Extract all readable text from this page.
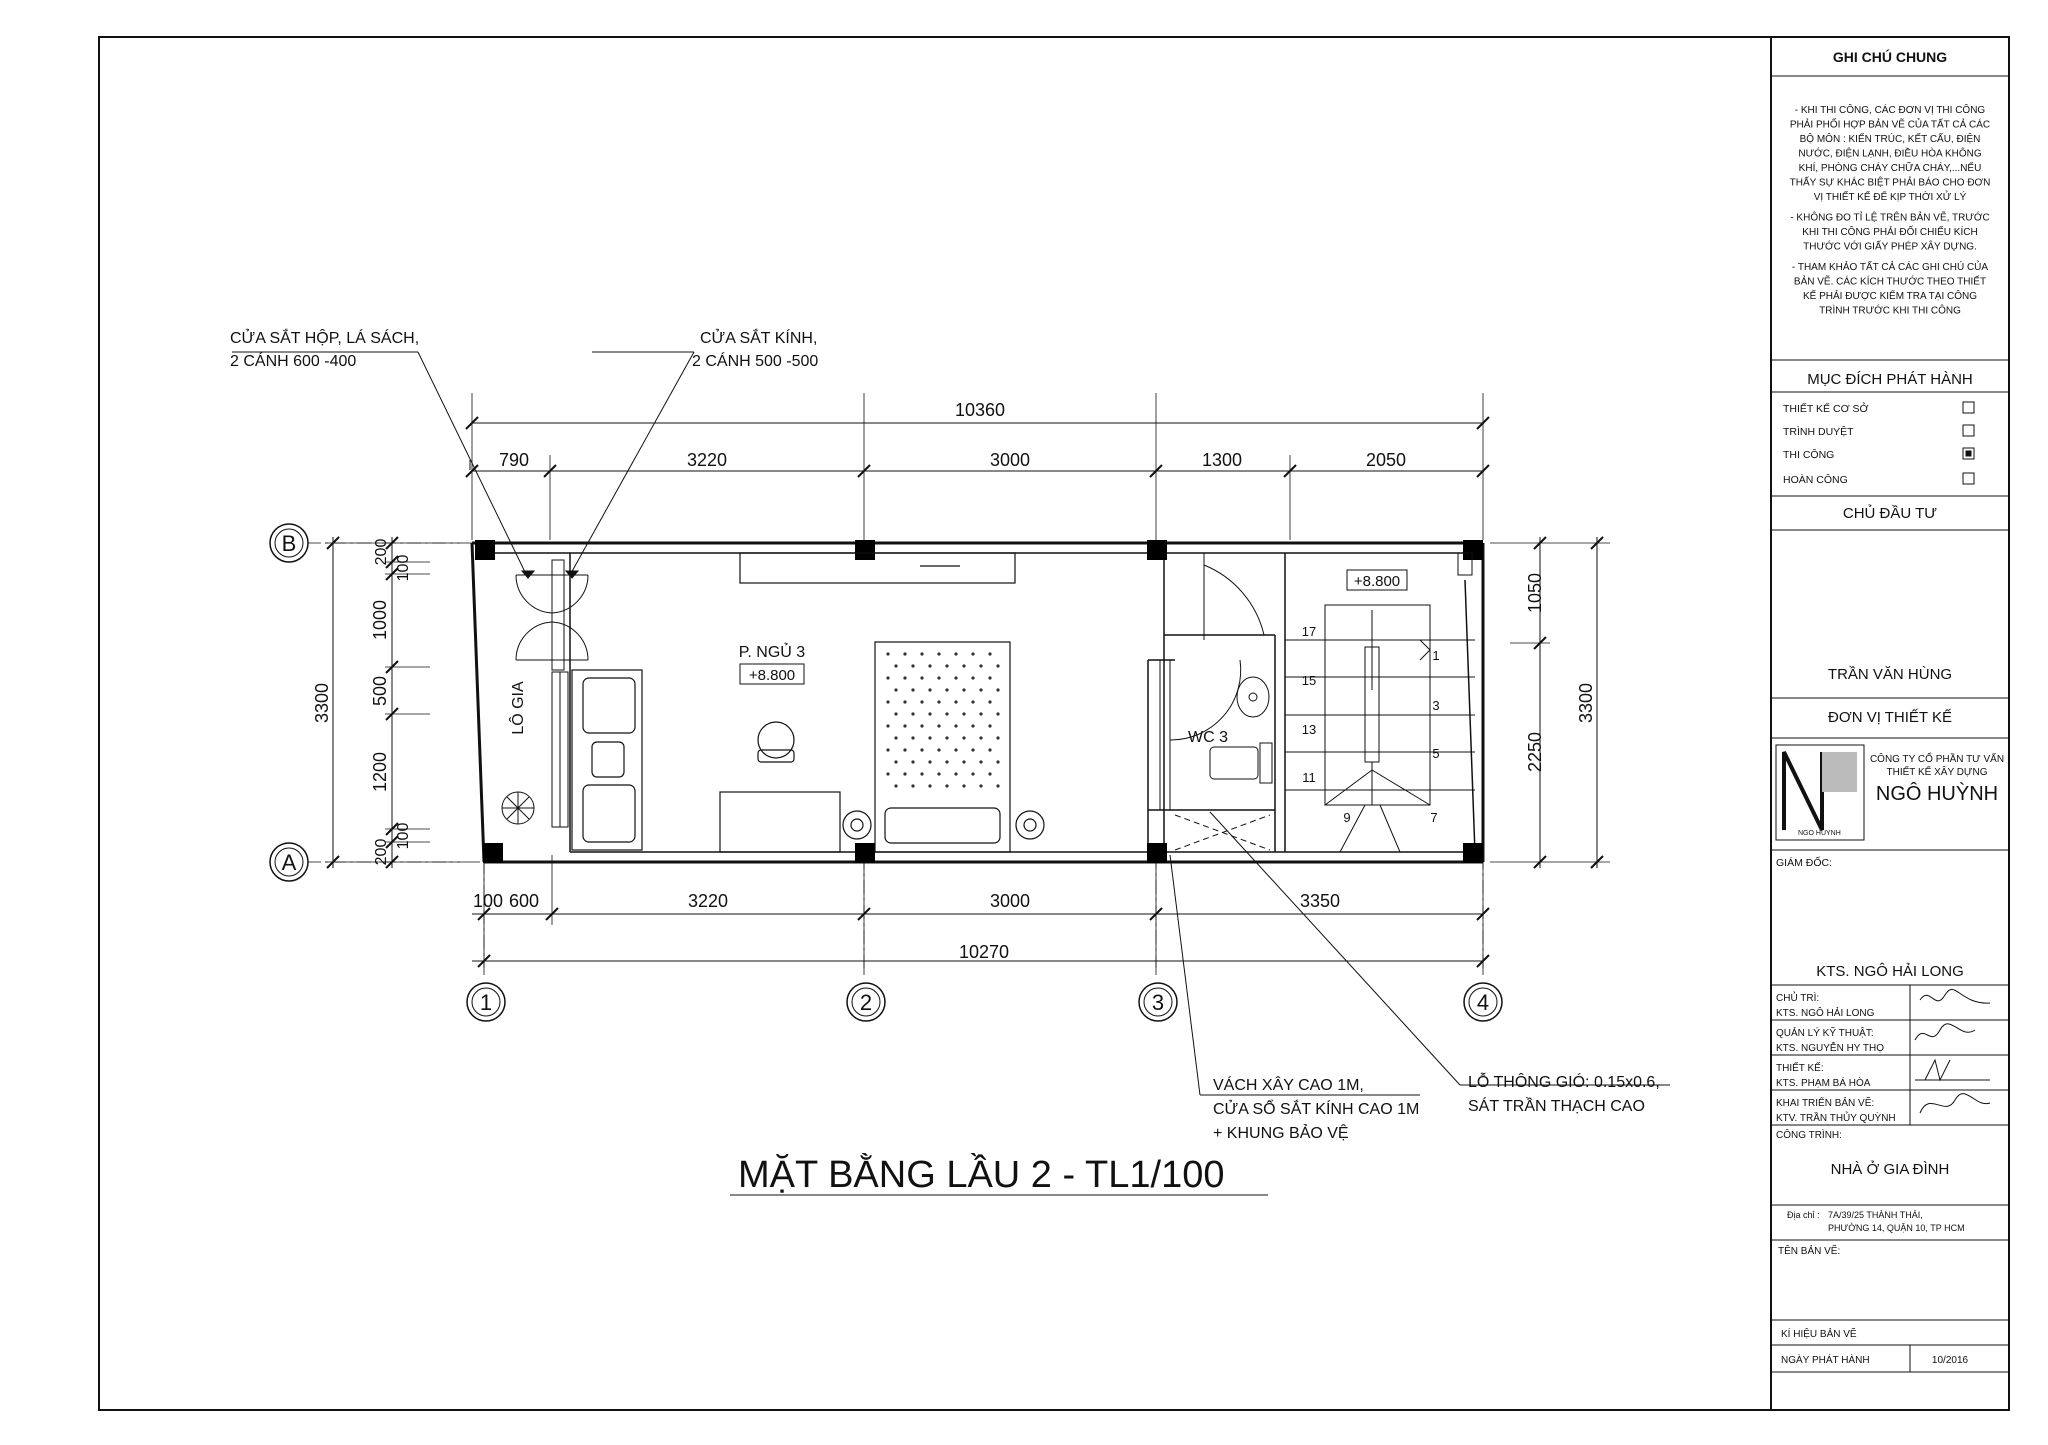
CỬA SẮT HỘP, LÁ SÁCH,
2 CÁNH 600 -400
CỬA SẮT KÍNH,
2 CÁNH 500 -500
10360
790	3220	3000	1300	2050
100 600	3220	3000	3350
10270
3300
200
100
1000
500
1200
100
200
1050
2250
3300
B
A
1	2	3	4
P. NGỦ 3
+8.800
LÔ GIA
WC 3
+8.800
17
1
15
3
13
5
11
9	7
VÁCH XÂY CAO 1M,
CỬA SỔ SẮT KÍNH CAO 1M
+ KHUNG BẢO VỆ
LỖ THÔNG GIÓ: 0.15x0.6,
SÁT TRẦN THẠCH CAO
MẶT BẰNG LẦU 2 - TL1/100
GHI CHÚ CHUNG
- KHI THI CÔNG, CÁC ĐƠN VỊ THI CÔNG
PHẢI PHỐI HỢP BẢN VẼ CỦA TẤT CẢ CÁC
BỘ MÔN : KIẾN TRÚC, KẾT CẤU, ĐIỆN
NƯỚC, ĐIỆN LẠNH, ĐIỀU HÒA KHÔNG
KHÍ, PHÒNG CHÁY CHỮA CHÁY,...NẾU
THẤY SỰ KHÁC BIỆT PHẢI BÁO CHO ĐƠN
VỊ THIẾT KẾ ĐỂ KỊP THỜI XỬ LÝ
- KHÔNG ĐO TỈ LỆ TRÊN BẢN VẼ, TRƯỚC
KHI THI CÔNG PHẢI ĐỐI CHIẾU KÍCH
THƯỚC VỚI GIẤY PHÉP XÂY DỰNG.
- THAM KHẢO TẤT CẢ CÁC GHI CHÚ CỦA
BẢN VẼ. CÁC KÍCH THƯỚC THEO THIẾT
KẾ PHẢI ĐƯỢC KIỂM TRA TẠI CÔNG
TRÌNH TRƯỚC KHI THI CÔNG
MỤC ĐÍCH PHÁT HÀNH
THIẾT KẾ CƠ SỞ
TRÌNH DUYỆT
THI CÔNG
HOÀN CÔNG
CHỦ ĐẦU TƯ
TRẦN VĂN HÙNG
ĐƠN VỊ THIẾT KẾ
NGO HUYNH
CÔNG TY CỔ PHẦN TƯ VẤN
THIẾT KẾ XÂY DỰNG
NGÔ HUỲNH
GIÁM ĐỐC:
KTS. NGÔ HẢI LONG
CHỦ TRÌ:
KTS. NGÔ HẢI LONG
QUẢN LÝ KỸ THUẬT:
KTS. NGUYỄN HY THỌ
THIẾT KẾ:
KTS. PHẠM BÁ HÒA
KHAI TRIỂN BẢN VẼ:
KTV. TRẦN THỦY QUỲNH
CÔNG TRÌNH:
NHÀ Ở GIA ĐÌNH
Địa chỉ : 7A/39/25 THÀNH THÁI,
PHƯỜNG 14, QUẬN 10, TP HCM
TÊN BẢN VẼ:
KÍ HIỆU BẢN VẼ
NGÀY PHÁT HÀNH	10/2016
